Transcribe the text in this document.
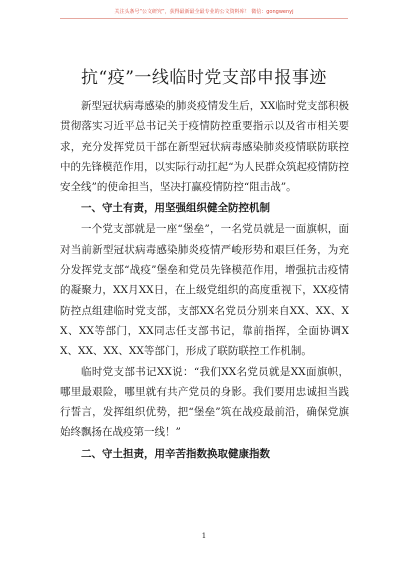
关注头条号“公文研究”，获得最新最全最专业的公文资料库！ 微信：gongwenyj
抗“疫”一线临时党支部申报事迹

新型冠状病毒感染的肺炎疫情发生后，XX临时党支部积极贯彻落实习近平总书记关于疫情防控重要指示以及省市相关要求，充分发挥党员干部在新型冠状病毒感染肺炎疫情联防联控中的先锋模范作用，以实际行动扛起“为人民群众筑起疫情防控安全线”的使命担当，坚决打赢疫情防控“阻击战”。

一、守土有责，用坚强组织健全防控机制

一个党支部就是一座“堡垒”，一名党员就是一面旗帜，面对当前新型冠状病毒感染肺炎疫情严峻形势和艰巨任务，为充分发挥党支部“战疫”堡垒和党员先锋模范作用，增强抗击疫情的凝聚力，XX月XX日，在上级党组织的高度重视下，XX疫情防控点组建临时党支部，支部XX名党员分别来自XX、XX、XX、XX等部门，XX同志任支部书记，靠前指挥，全面协调XX、XX、XX、XX等部门，形成了联防联控工作机制。

临时党支部书记XX说：“我们XX名党员就是XX面旗帜，哪里最艰险，哪里就有共产党员的身影。我们要用忠诚担当践行誓言，发挥组织优势，把“堡垒”筑在战疫最前沿，确保党旗始终飘扬在战疫第一线！”

二、守土担责，用辛苦指数换取健康指数
1
